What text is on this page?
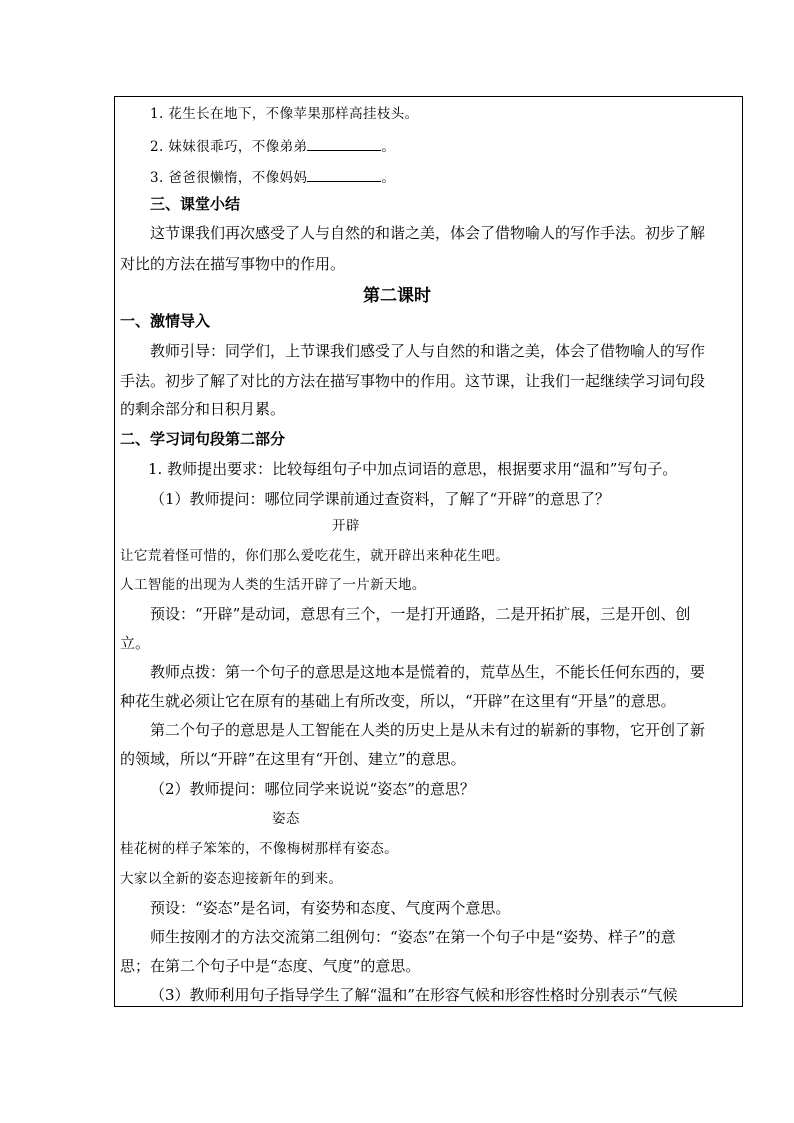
1. 花生长在地下，不像苹果那样高挂枝头。
2. 妹妹很乖巧，不像弟弟	。
3. 爸爸很懒惰，不像妈妈	。
三、课堂小结
这节课我们再次感受了人与自然的和谐之美，体会了借物喻人的写作手法。初步了解
对比的方法在描写事物中的作用。
第二课时
一、激情导入
教师引导：同学们，上节课我们感受了人与自然的和谐之美，体会了借物喻人的写作
手法。初步了解了对比的方法在描写事物中的作用。这节课，让我们一起继续学习词句段
的剩余部分和日积月累。
二、学习词句段第二部分
1. 教师提出要求：比较每组句子中加点词语的意思，根据要求用“温和”写句子。
（1）教师提问：哪位同学课前通过查资料，了解了“开辟”的意思了？
开辟
让它荒着怪可惜的，你们那么爱吃花生，就开辟出来种花生吧。
人工智能的出现为人类的生活开辟了一片新天地。
预设：“开辟”是动词，意思有三个，一是打开通路，二是开拓扩展，三是开创、创
立。
教师点拨：第一个句子的意思是这地本是慌着的，荒草丛生，不能长任何东西的，要
种花生就必须让它在原有的基础上有所改变，所以，“开辟”在这里有“开垦”的意思。
第二个句子的意思是人工智能在人类的历史上是从未有过的崭新的事物，它开创了新
的领域，所以“开辟”在这里有“开创、建立”的意思。
（2）教师提问：哪位同学来说说“姿态”的意思？
姿态
桂花树的样子笨笨的，不像梅树那样有姿态。
大家以全新的姿态迎接新年的到来。
预设：“姿态”是名词，有姿势和态度、气度两个意思。
师生按刚才的方法交流第二组例句：“姿态”在第一个句子中是“姿势、样子”的意
思；在第二个句子中是“态度、气度”的意思。
（3）教师利用句子指导学生了解“温和”在形容气候和形容性格时分别表示“气候
